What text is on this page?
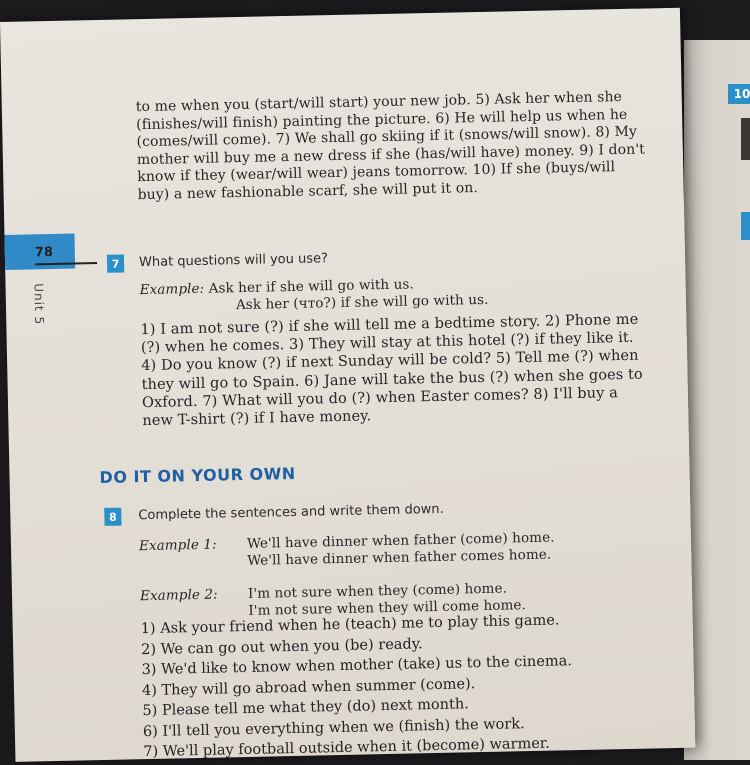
10
to me when you (start/will start) your new job. 5) Ask her when she (finishes/will finish) painting the picture. 6) He will help us when he (comes/will come). 7) We shall go skiing if it (snows/will snow). 8) My mother will buy me a new dress if she (has/will have) money. 9) I don't know if they (wear/will wear) jeans tomorrow. 10) If she (buys/will buy) a new fashionable scarf, she will put it on.
78
Unit 5
7	What questions will you use?
Example: Ask her if she will go with us.
Ask her (что?) if she will go with us.
1) I am not sure (?) if she will tell me a bedtime story. 2) Phone me (?) when he comes. 3) They will stay at this hotel (?) if they like it. 4) Do you know (?) if next Sunday will be cold? 5) Tell me (?) when they will go to Spain. 6) Jane will take the bus (?) when she goes to Oxford. 7) What will you do (?) when Easter comes? 8) I'll buy a new T-shirt (?) if I have money.
DO IT ON YOUR OWN
8	Complete the sentences and write them down.
Example 1: We'll have dinner when father (come) home.
We'll have dinner when father comes home.
Example 2: I'm not sure when they (come) home.
I'm not sure when they will come home.
1) Ask your friend when he (teach) me to play this game.
2) We can go out when you (be) ready.
3) We'd like to know when mother (take) us to the cinema.
4) They will go abroad when summer (come).
5) Please tell me what they (do) next month.
6) I'll tell you everything when we (finish) the work.
7) We'll play football outside when it (become) warmer.
